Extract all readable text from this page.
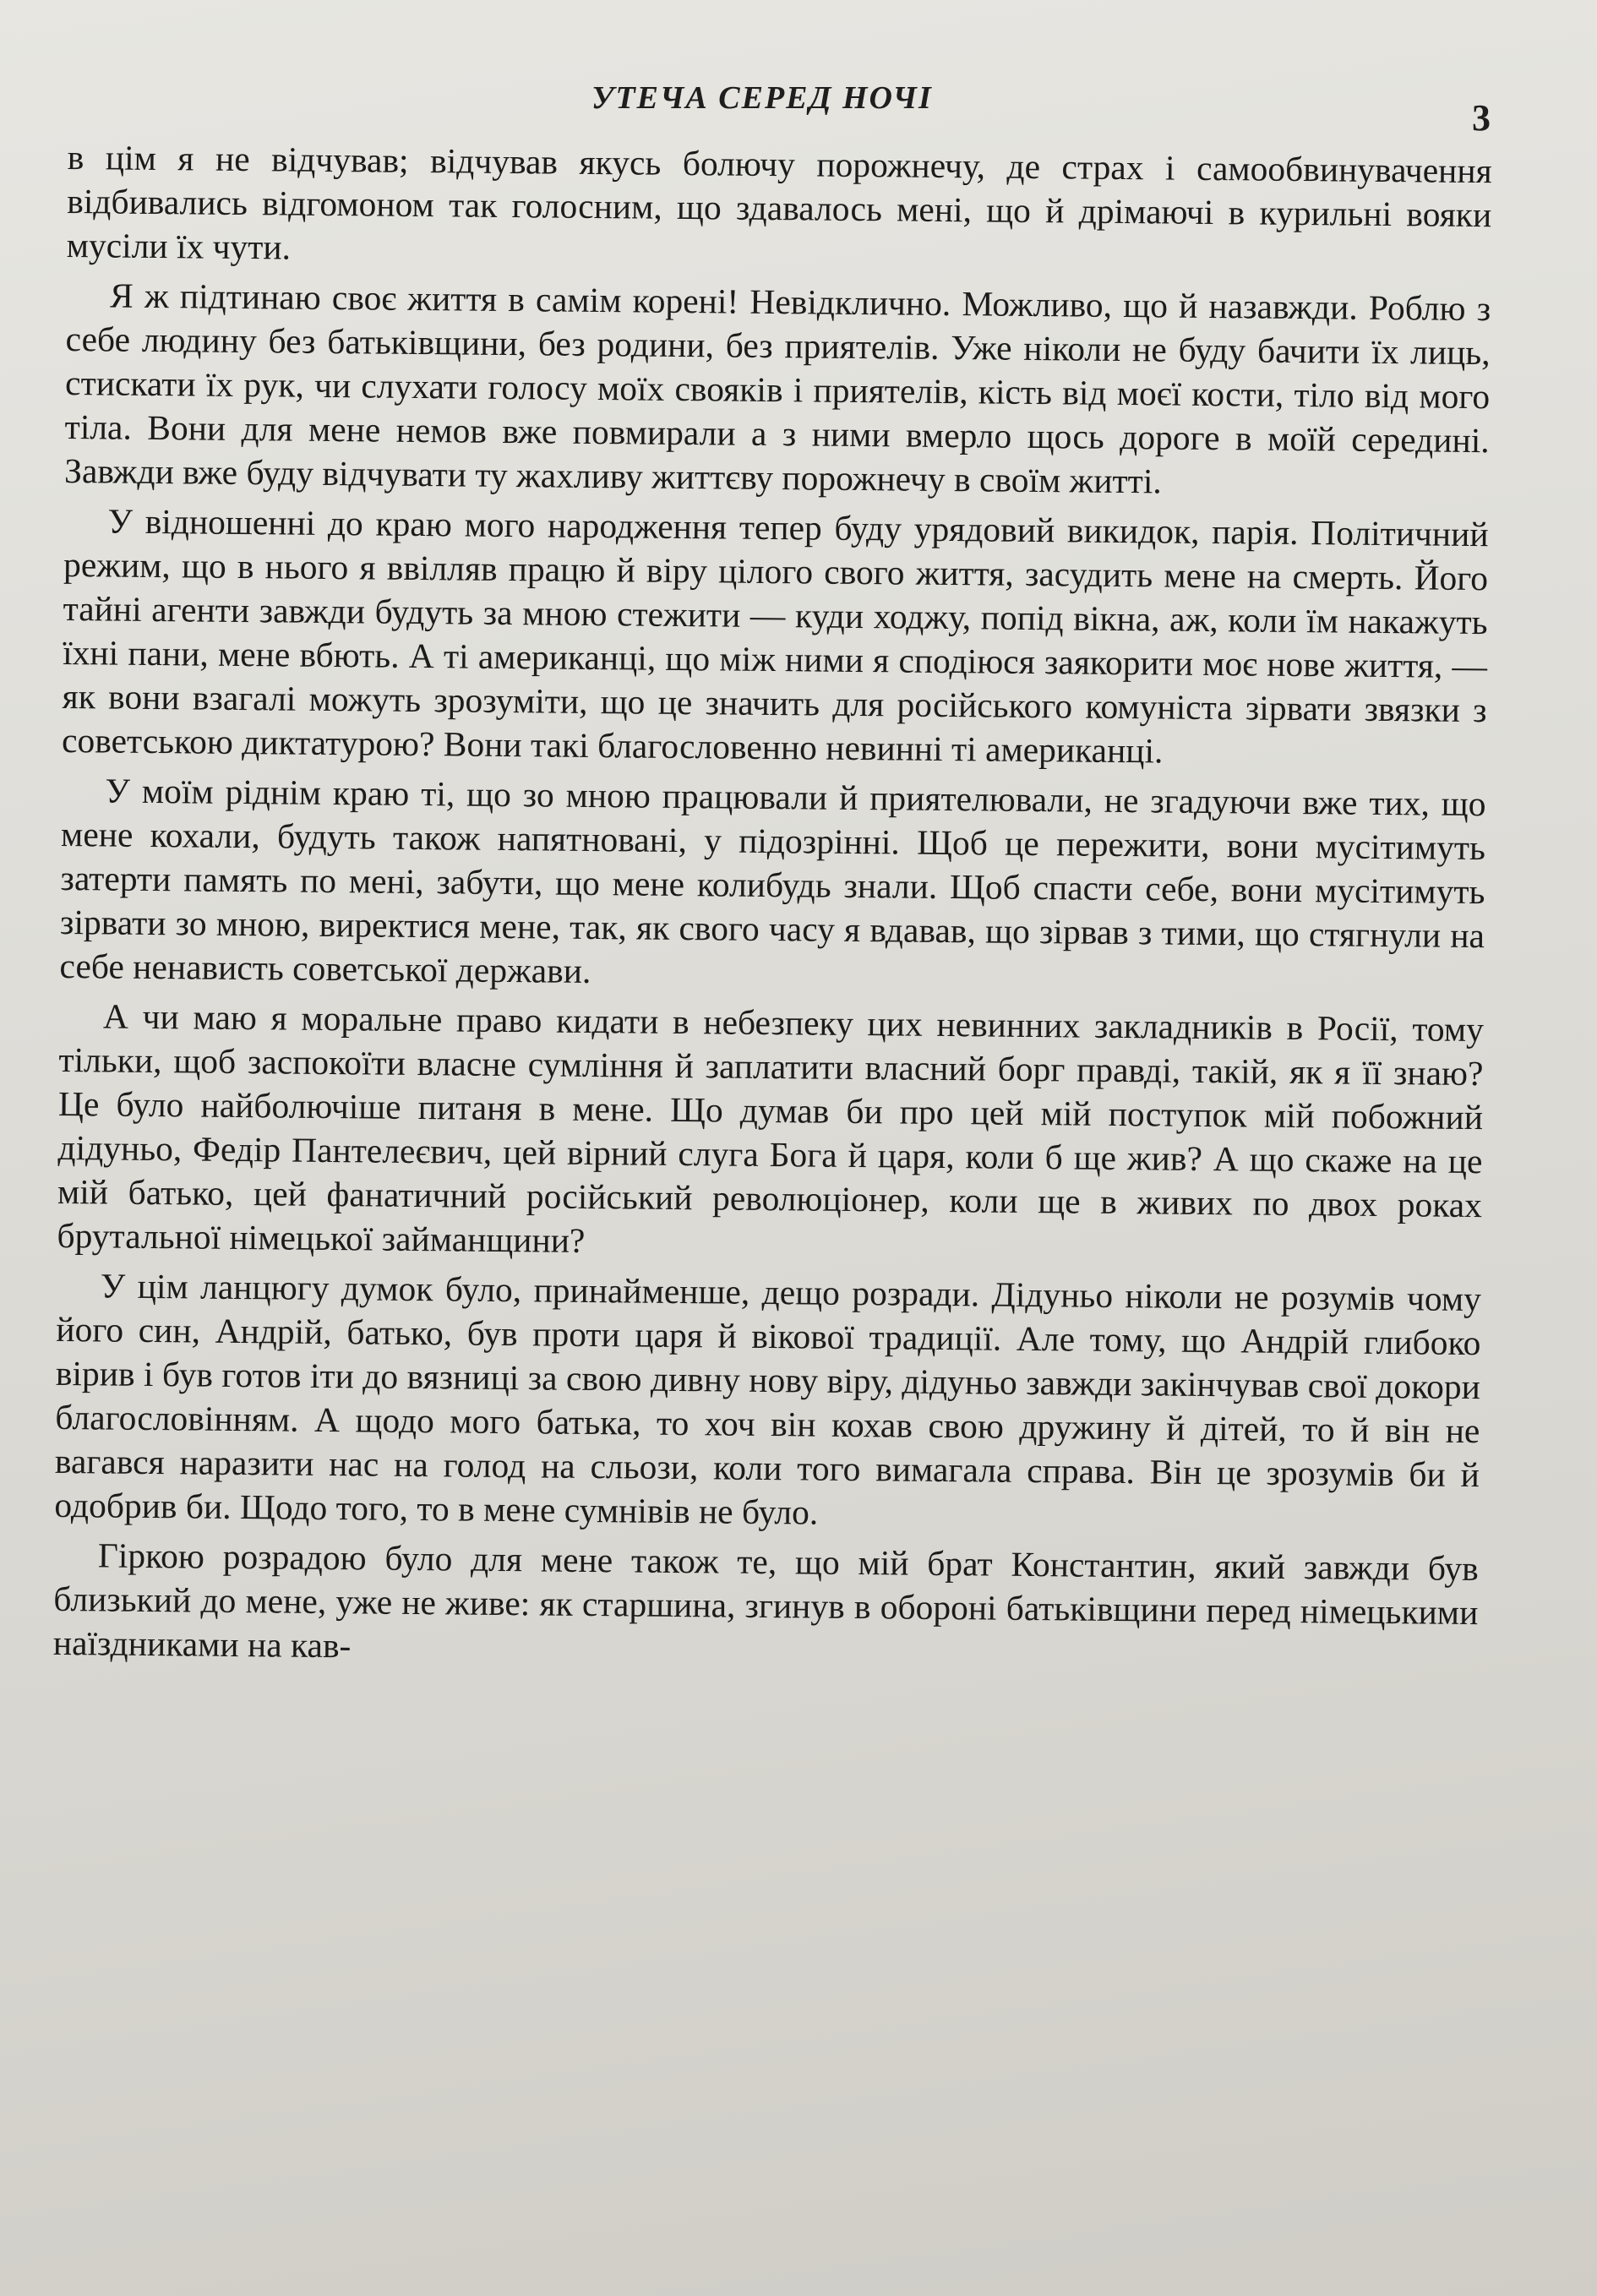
УТЕЧА СЕРЕД НОЧІ	3

в цім я не відчував; відчував якусь болючу порожнечу, де страх і самообвинувачення відбивались відгомоном так голосним, що здавалось мені, що й дрімаючі в курильні вояки мусіли їх чути.

Я ж підтинаю своє життя в самім корені! Невідклично. Можливо, що й назавжди. Роблю з себе людину без батьківщини, без родини, без приятелів. Уже ніколи не буду бачити їх лиць, стискати їх рук, чи слухати голосу моїх свояків і приятелів, кість від моєї кости, тіло від мого тіла. Вони для мене немов вже повмирали а з ними вмерло щось дороге в моїй середині. Завжди вже буду відчувати ту жахливу життєву порожнечу в своїм житті.

У відношенні до краю мого народження тепер буду урядовий викидок, парія. Політичний режим, що в нього я ввілляв працю й віру цілого свого життя, засудить мене на смерть. Його тайні агенти завжди будуть за мною стежити — куди ходжу, попід вікна, аж, коли їм накажуть їхні пани, мене вбють. А ті американці, що між ними я сподіюся заякорити моє нове життя, — як вони взагалі можуть зрозуміти, що це значить для російського комуніста зірвати звязки з советською диктатурою? Вони такі благословенно невинні ті американці.

У моїм ріднім краю ті, що зо мною працювали й приятелювали, не згадуючи вже тих, що мене кохали, будуть також напятновані, у підозрінні. Щоб це пережити, вони мусітимуть затерти память по мені, забути, що мене колибудь знали. Щоб спасти себе, вони мусітимуть зірвати зо мною, виректися мене, так, як свого часу я вдавав, що зірвав з тими, що стягнули на себе ненависть советської держави.

А чи маю я моральне право кидати в небезпеку цих невинних закладників в Росії, тому тільки, щоб заспокоїти власне сумління й заплатити власний борг правді, такій, як я її знаю? Це було найболючіше питаня в мене. Що думав би про цей мій поступок мій побожний дідуньо, Федір Пантелеєвич, цей вірний слуга Бога й царя, коли б ще жив? А що скаже на це мій батько, цей фанатичний російський революціонер, коли ще в живих по двох роках брутальної німецької займанщини?

У цім ланцюгу думок було, принайменше, дещо розради. Дідуньо ніколи не розумів чому його син, Андрій, батько, був проти царя й вікової традиції. Але тому, що Андрій глибоко вірив і був готов іти до вязниці за свою дивну нову віру, дідуньо завжди закінчував свої докори благословінням. А щодо мого батька, то хоч він кохав свою дружину й дітей, то й він не вагався наразити нас на голод на сльози, коли того вимагала справа. Він це зрозумів би й одобрив би. Щодо того, то в мене сумнівів не було.

Гіркою розрадою було для мене також те, що мій брат Константин, який завжди був близький до мене, уже не живе: як старшина, згинув в обороні батьківщини перед німецькими наїздниками на кав-
